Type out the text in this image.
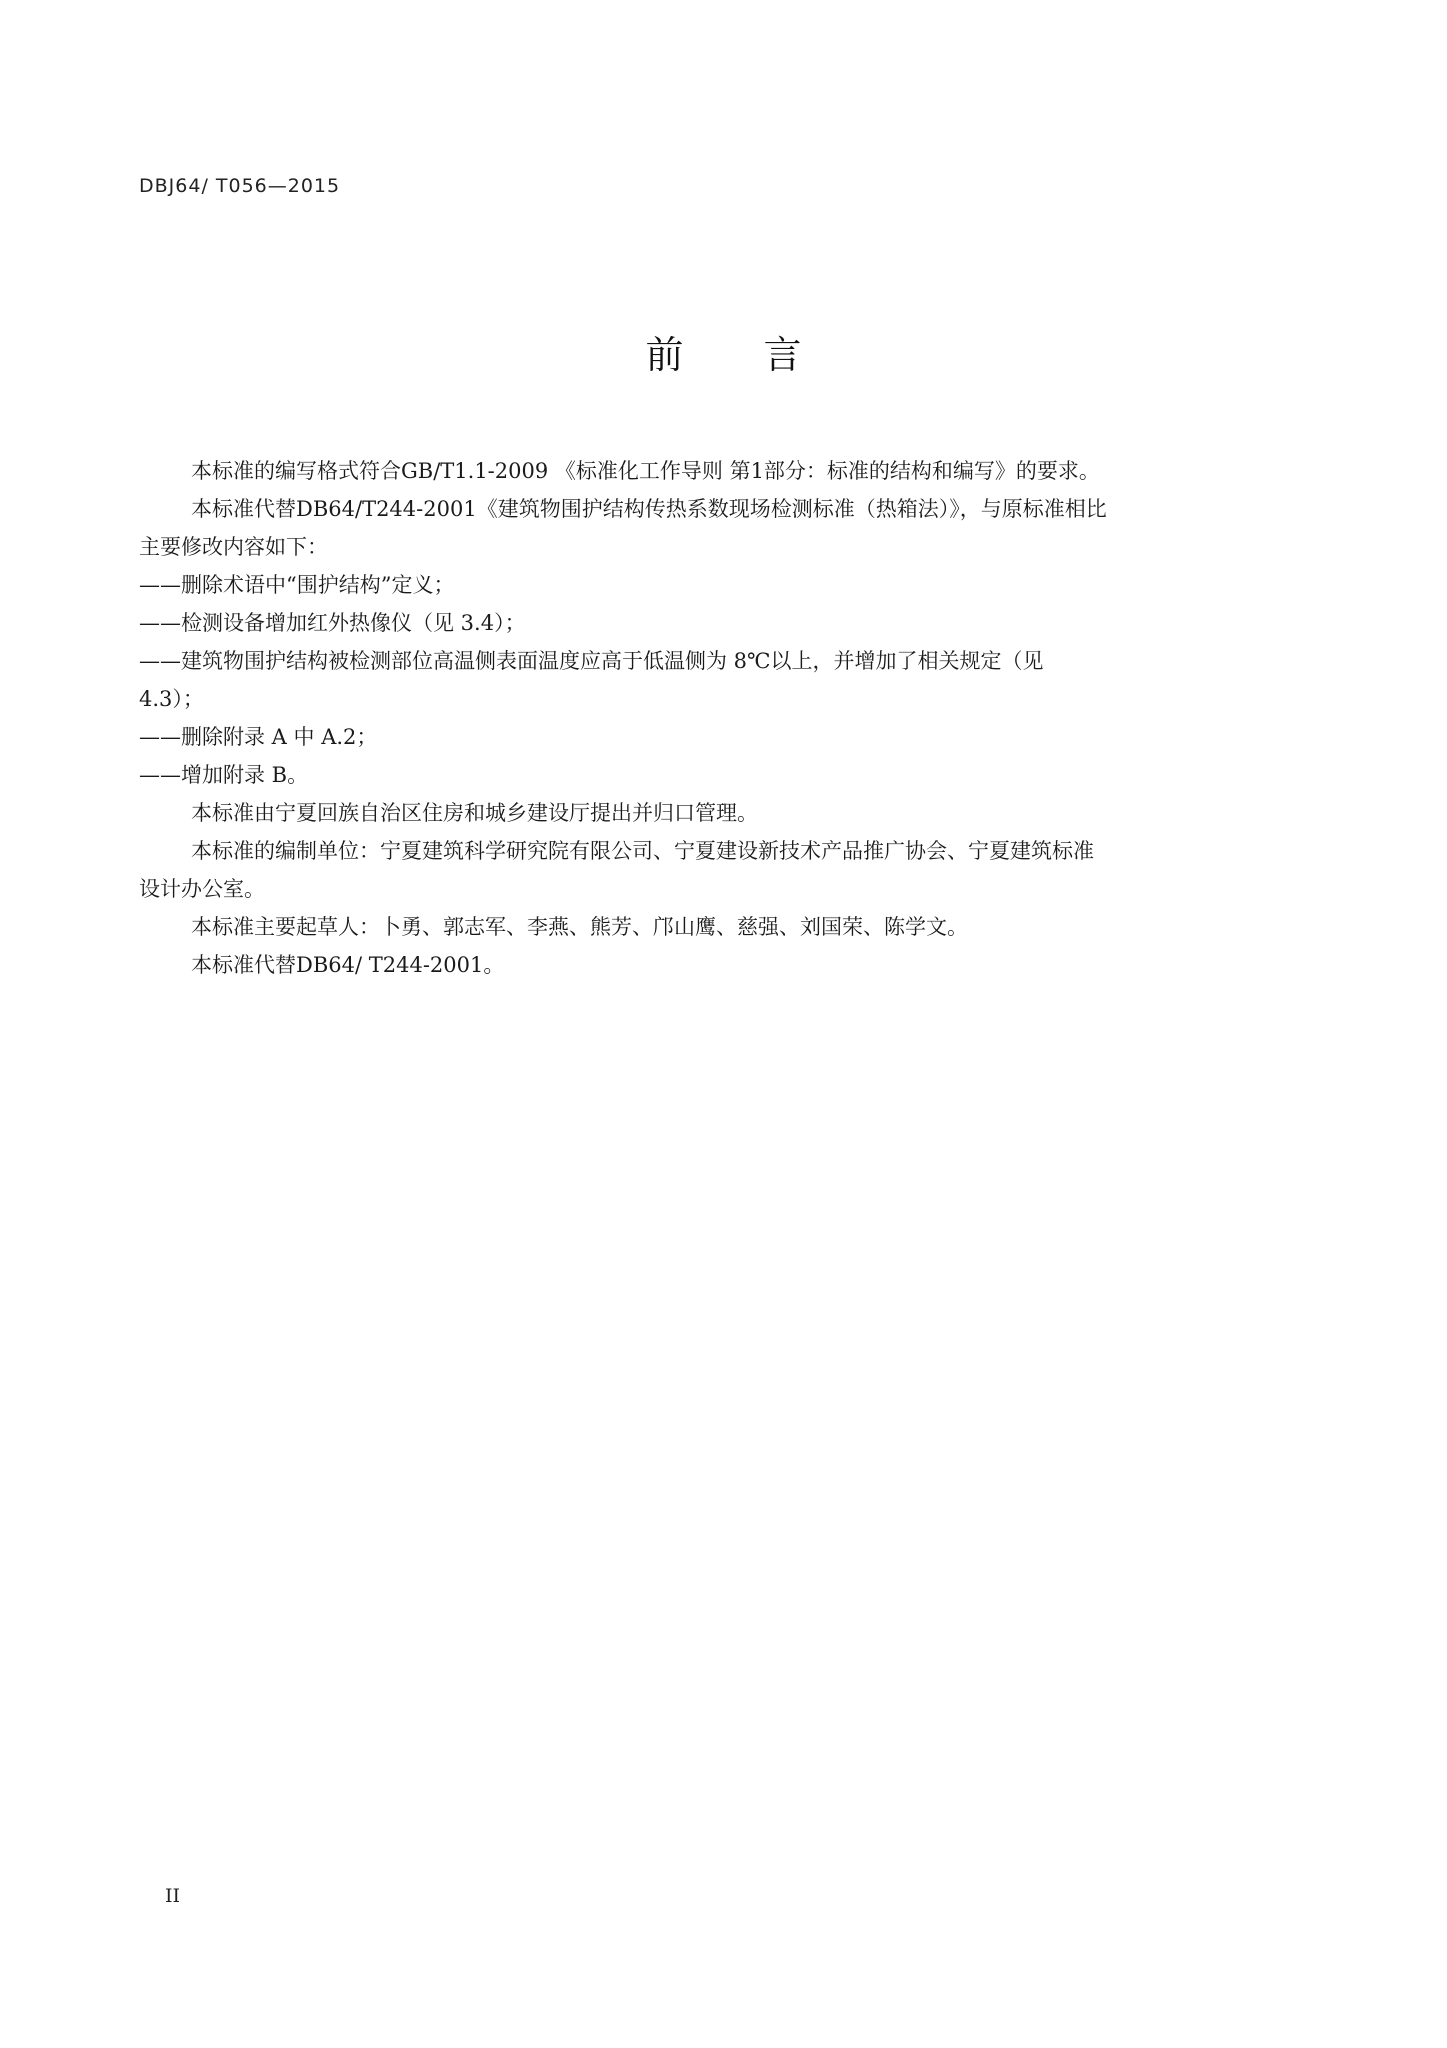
DBJ64/ T056—2015
前言

本标准的编写格式符合GB/T1.1-2009 《标准化工作导则 第1部分：标准的结构和编写》的要求。

本标准代替DB64/T244-2001《建筑物围护结构传热系数现场检测标准（热箱法）》，与原标准相比

主要修改内容如下：

——删除术语中“围护结构”定义；

——检测设备增加红外热像仪（见 3.4）；

——建筑物围护结构被检测部位高温侧表面温度应高于低温侧为 8℃以上，并增加了相关规定（见

4.3）；

——删除附录 A 中 A.2；

——增加附录 B。

本标准由宁夏回族自治区住房和城乡建设厅提出并归口管理。

本标准的编制单位：宁夏建筑科学研究院有限公司、宁夏建设新技术产品推广协会、宁夏建筑标准

设计办公室。

本标准主要起草人：卜勇、郭志军、李燕、熊芳、邝山鹰、慈强、刘国荣、陈学文。

本标准代替DB64/ T244-2001。

II
